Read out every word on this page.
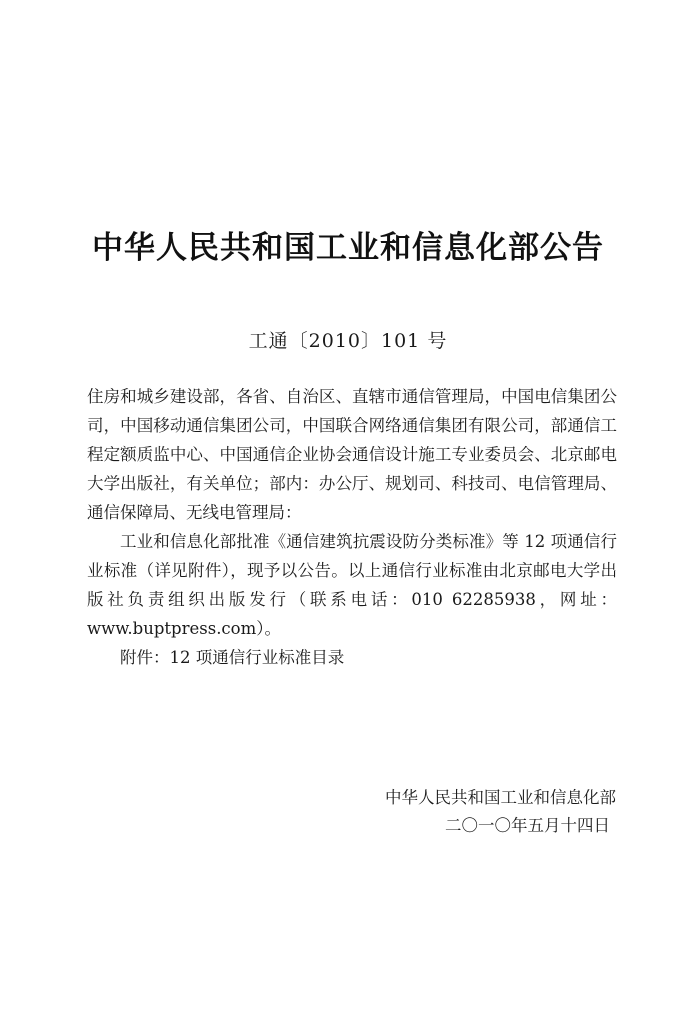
中华人民共和国工业和信息化部公告
工通〔2010〕101 号

住房和城乡建设部，各省、自治区、直辖市通信管理局，中国电信集团公司，中国移动通信集团公司，中国联合网络通信集团有限公司，部通信工程定额质监中心、中国通信企业协会通信设计施工专业委员会、北京邮电大学出版社，有关单位；部内：办公厅、规划司、科技司、电信管理局、通信保障局、无线电管理局：

工业和信息化部批准《通信建筑抗震设防分类标准》等 12 项通信行业标准（详见附件），现予以公告。以上通信行业标准由北京邮电大学出版社负责组织出版发行（联系电话：010 62285938，网址：www.buptpress.com）。

附件：12 项通信行业标准目录

中华人民共和国工业和信息化部
二〇一〇年五月十四日
